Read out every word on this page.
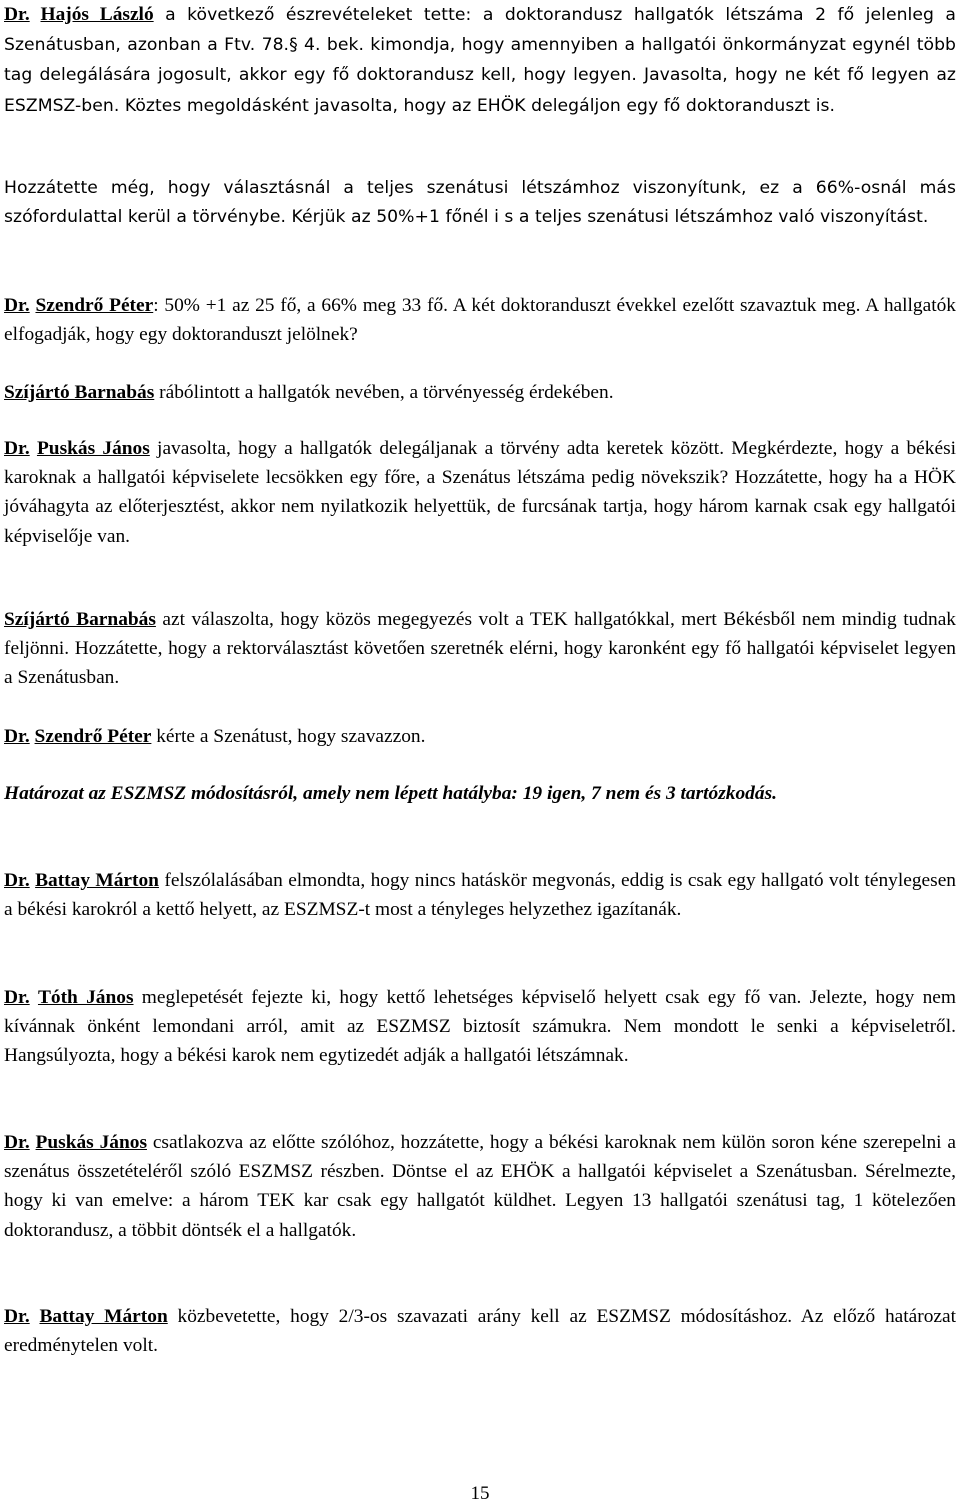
Dr. Hajós László a következő észrevételeket tette: a doktorandusz hallgatók létszáma 2 fő jelenleg a Szenátusban, azonban a Ftv. 78.§ 4. bek. kimondja, hogy amennyiben a hallgatói önkormányzat egynél több tag delegálására jogosult, akkor egy fő doktorandusz kell, hogy legyen. Javasolta, hogy ne két fő legyen az ESZMSZ-ben. Köztes megoldásként javasolta, hogy az EHÖK delegáljon egy fő doktoranduszt is.

Hozzátette még, hogy választásnál a teljes szenátusi létszámhoz viszonyítunk, ez a 66%-osnál más szófordulattal kerül a törvénybe. Kérjük az 50%+1 főnél i s a teljes szenátusi létszámhoz való viszonyítást.

Dr. Szendrő Péter: 50% +1 az 25 fő, a 66% meg 33 fő. A két doktoranduszt évekkel ezelőtt szavaztuk meg. A hallgatók elfogadják, hogy egy doktoranduszt jelölnek?

Szíjártó Barnabás rábólintott a hallgatók nevében, a törvényesség érdekében.

Dr. Puskás János javasolta, hogy a hallgatók delegáljanak a törvény adta keretek között. Megkérdezte, hogy a békési karoknak a hallgatói képviselete lecsökken egy főre, a Szenátus létszáma pedig növekszik? Hozzátette, hogy ha a HÖK jóváhagyta az előterjesztést, akkor nem nyilatkozik helyettük, de furcsának tartja, hogy három karnak csak egy hallgatói képviselője van.

Szíjártó Barnabás azt válaszolta, hogy közös megegyezés volt a TEK hallgatókkal, mert Békésből nem mindig tudnak feljönni. Hozzátette, hogy a rektorválasztást követően szeretnék elérni, hogy karonként egy fő hallgatói képviselet legyen a Szenátusban.

Dr. Szendrő Péter kérte a Szenátust, hogy szavazzon.

Határozat az ESZMSZ módosításról, amely nem lépett hatályba: 19 igen, 7 nem és 3 tartózkodás.

Dr. Battay Márton felszólalásában elmondta, hogy nincs hatáskör megvonás, eddig is csak egy hallgató volt ténylegesen a békési karokról a kettő helyett, az ESZMSZ-t most a tényleges helyzethez igazítanák.

Dr. Tóth János meglepetését fejezte ki, hogy kettő lehetséges képviselő helyett csak egy fő van. Jelezte, hogy nem kívánnak önként lemondani arról, amit az ESZMSZ biztosít számukra. Nem mondott le senki a képviseletről. Hangsúlyozta, hogy a békési karok nem egytizedét adják a hallgatói létszámnak.

Dr. Puskás János csatlakozva az előtte szólóhoz, hozzátette, hogy a békési karoknak nem külön soron kéne szerepelni a szenátus összetételéről szóló ESZMSZ részben. Döntse el az EHÖK a hallgatói képviselet a Szenátusban. Sérelmezte, hogy ki van emelve: a három TEK kar csak egy hallgatót küldhet. Legyen 13 hallgatói szenátusi tag, 1 kötelezően doktorandusz, a többit döntsék el a hallgatók.

Dr. Battay Márton közbevetette, hogy 2/3-os szavazati arány kell az ESZMSZ módosításhoz. Az előző határozat eredménytelen volt.

15
